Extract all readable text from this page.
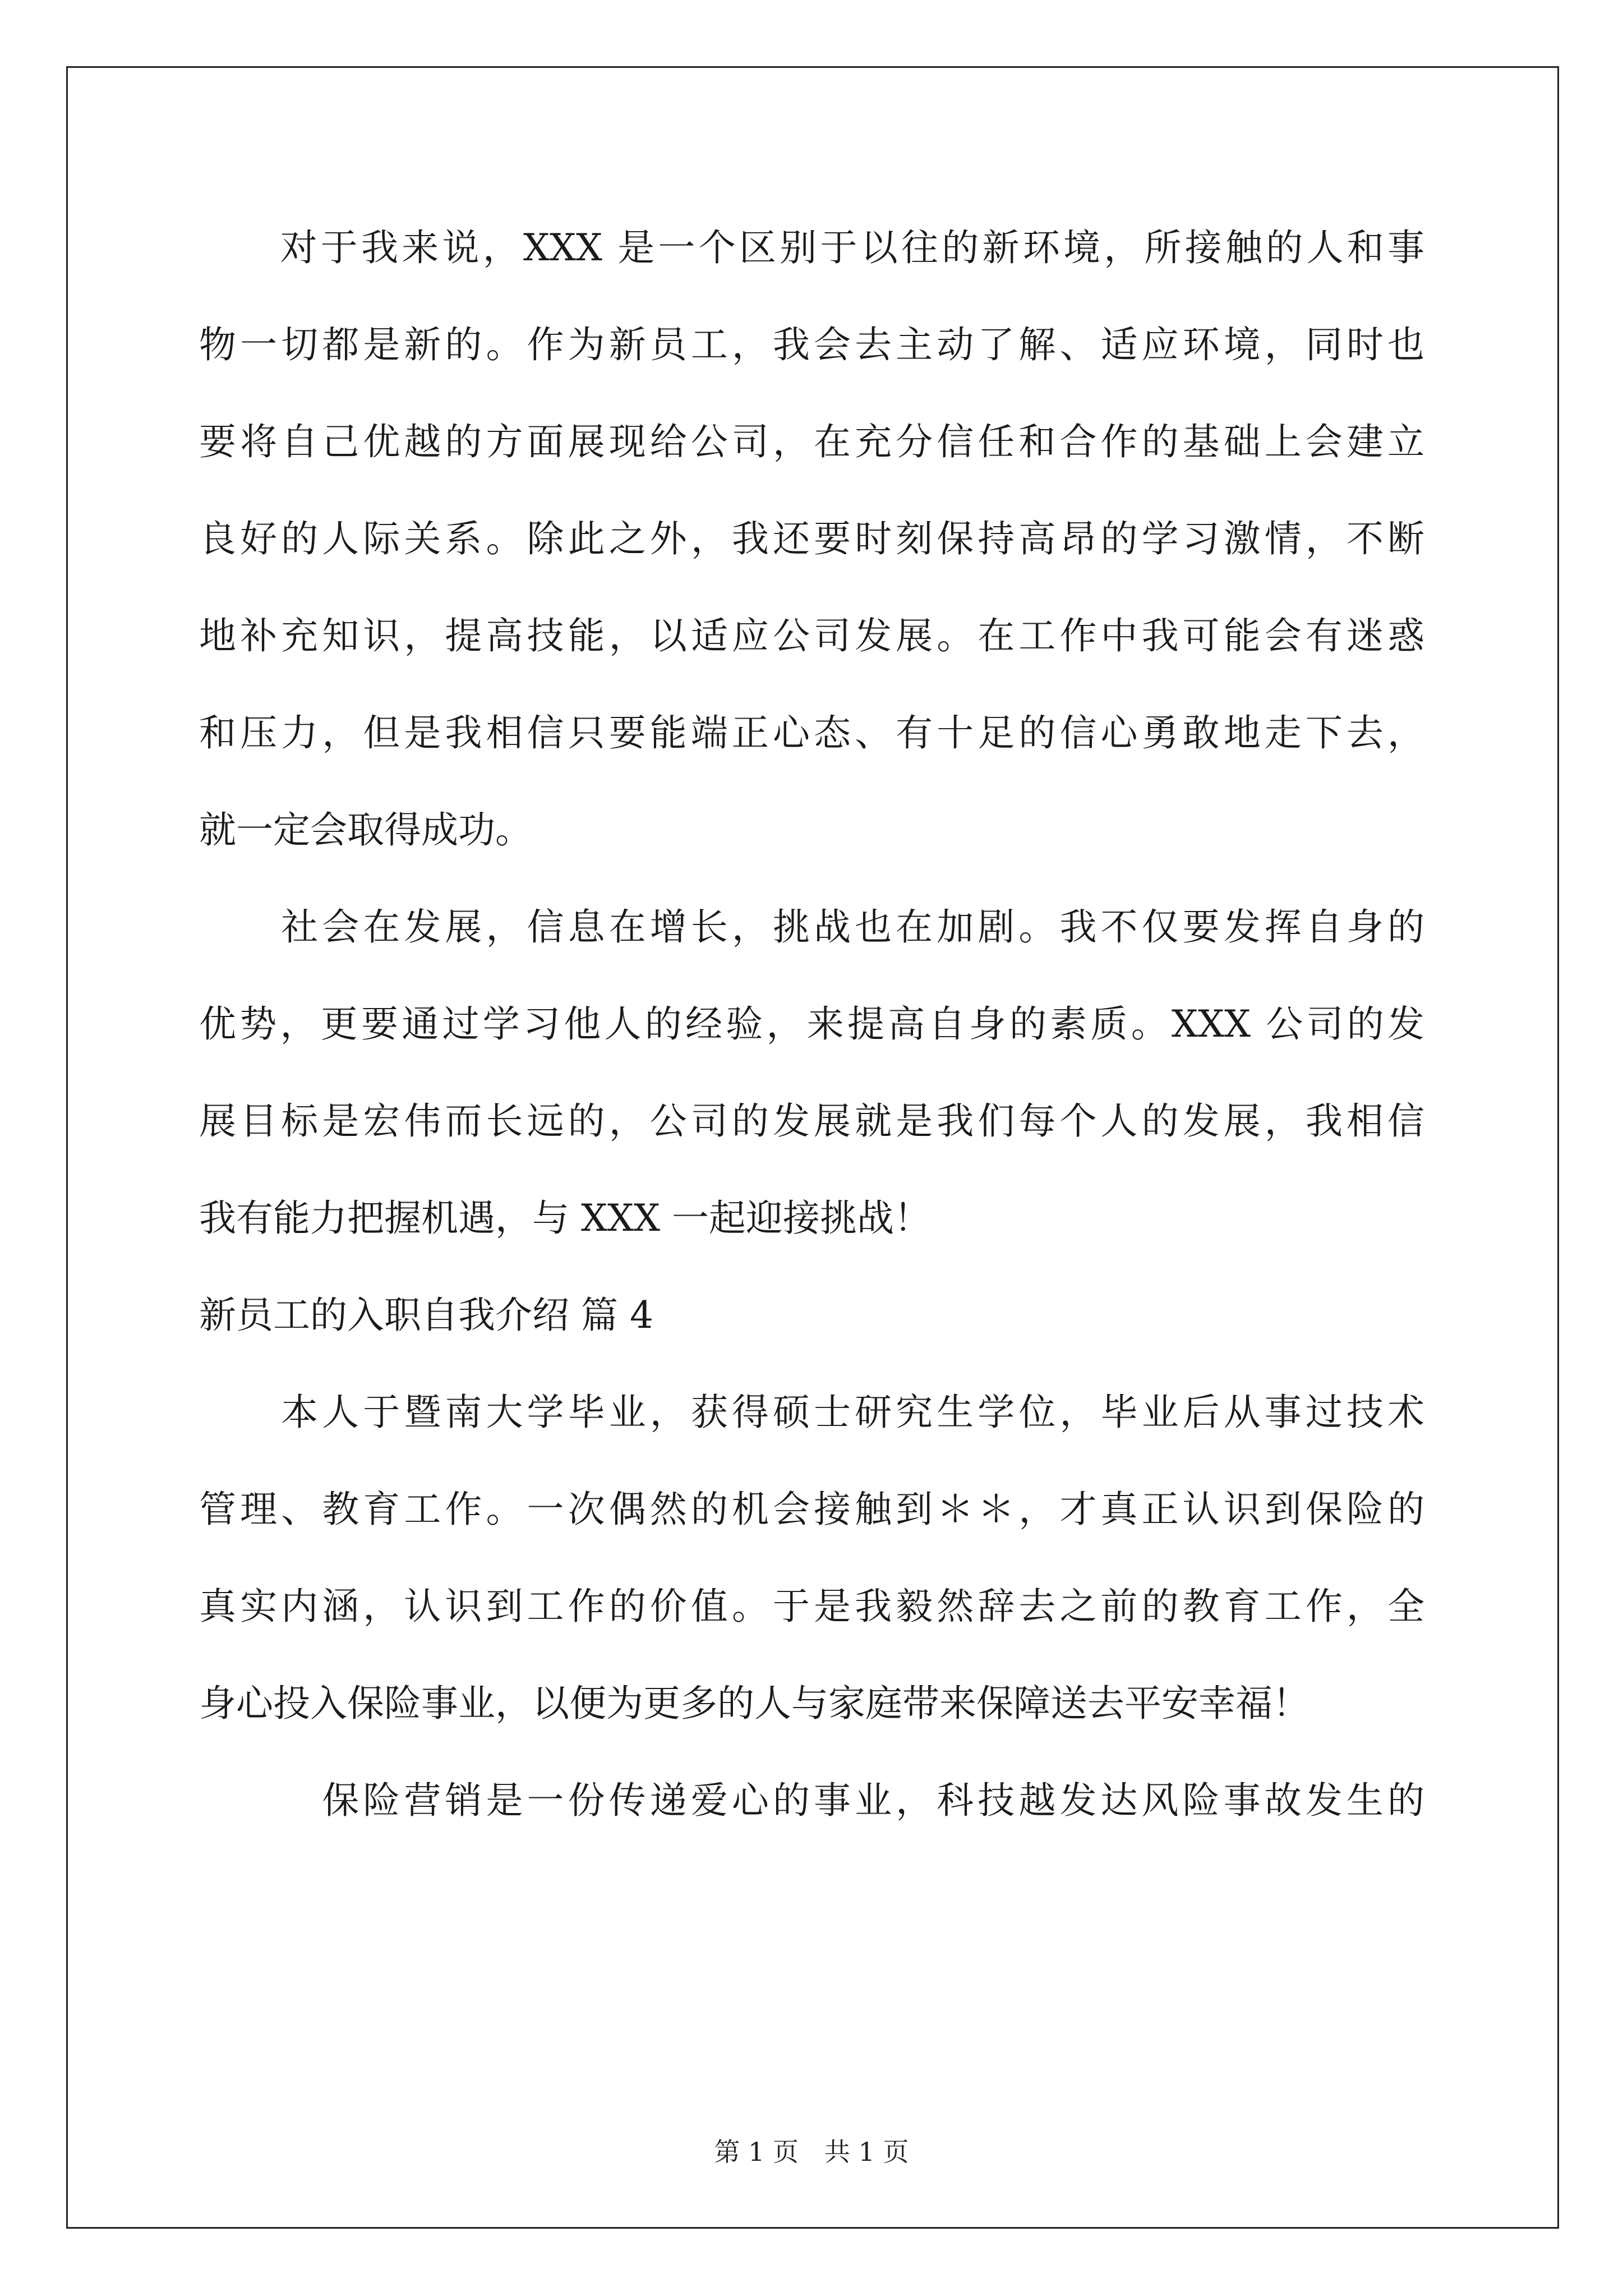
　　对于我来说，XXX 是一个区别于以往的新环境，所接触的人和事
物一切都是新的。作为新员工，我会去主动了解、适应环境，同时也
要将自己优越的方面展现给公司，在充分信任和合作的基础上会建立
良好的人际关系。除此之外，我还要时刻保持高昂的学习激情，不断
地补充知识，提高技能，以适应公司发展。在工作中我可能会有迷惑
和压力，但是我相信只要能端正心态、有十足的信心勇敢地走下去，
就一定会取得成功。
　　社会在发展，信息在增长，挑战也在加剧。我不仅要发挥自身的
优势，更要通过学习他人的经验，来提高自身的素质。XXX 公司的发
展目标是宏伟而长远的，公司的发展就是我们每个人的发展，我相信
我有能力把握机遇，与 XXX 一起迎接挑战！
新员工的入职自我介绍 篇 4
　　本人于暨南大学毕业，获得硕士研究生学位，毕业后从事过技术
管理、教育工作。一次偶然的机会接触到＊＊，才真正认识到保险的
真实内涵，认识到工作的价值。于是我毅然辞去之前的教育工作，全
身心投入保险事业，以便为更多的人与家庭带来保障送去平安幸福！
　　　保险营销是一份传递爱心的事业，科技越发达风险事故发生的
第 1 页　共 1 页
